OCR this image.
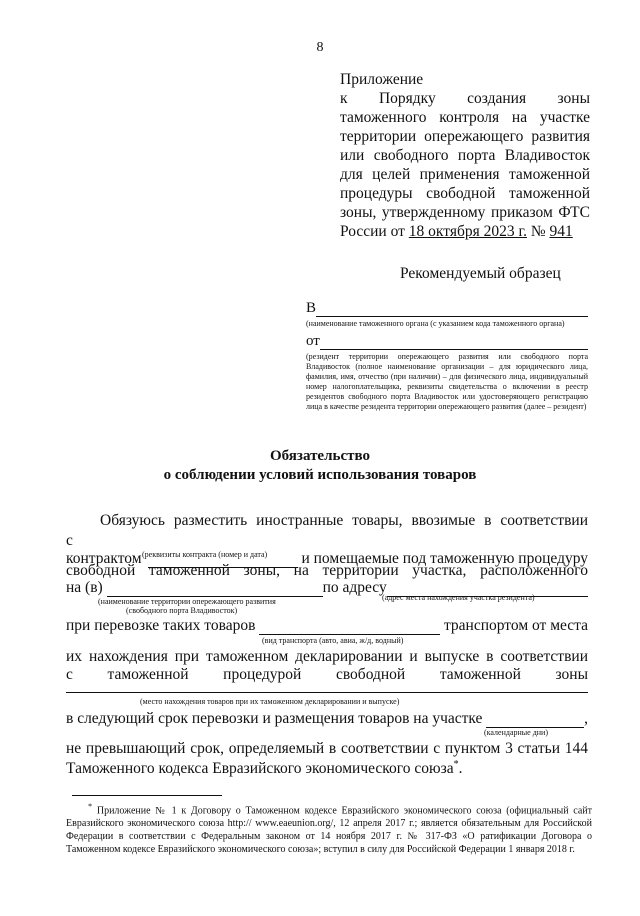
8
Приложение
к Порядку создания зоны таможенного контроля на участке территории опережающего развития или свободного порта Владивосток для целей применения таможенной процедуры свободной таможенной зоны, утвержденному приказом ФТС России от 18 октября 2023 г. № 941
Рекомендуемый образец
В
(наименование таможенного органа (с указанием кода таможенного органа)
от
(резидент территории опережающего развития или свободного порта Владивосток (полное наименование организации – для юридического лица, фамилия, имя, отчество (при наличии) – для физического лица, индивидуальный номер налогоплательщика, реквизиты свидетельства о включении в реестр резидентов свободного порта Владивосток или удостоверяющего регистрацию лица в качестве резидента территории опережающего развития (далее – резидент)
Обязательство
о соблюдении условий использования товаров
Обязуюсь разместить иностранные товары, ввозимые в соответствии
с контрактом	и помещаемые под таможенную процедуру
(реквизиты контракта (номер и дата)
свободной таможенной зоны, на территории участка, расположенного
на (в)	по адресу
(наименование территории опережающего развития	(адрес места нахождения участка резидента)
(свободного порта Владивосток)
при перевозке таких товаров	транспортом от места
(вид транспорта (авто, авиа, ж/д, водный)
их нахождения при таможенном декларировании и выпуске в соответствии
с таможенной процедурой свободной таможенной зоны
(место нахождения товаров при их таможенном декларировании и выпуске)
в следующий срок перевозки и размещения товаров на участке	,
(календарные дни)
не превышающий срок, определяемый в соответствии с пунктом 3 статьи 144
Таможенного кодекса Евразийского экономического союза*.
* Приложение № 1 к Договору о Таможенном кодексе Евразийского экономического союза (официальный сайт Евразийского экономического союза http:// www.eaeunion.org/, 12 апреля 2017 г.; является обязательным для Российской Федерации в соответствии с Федеральным законом от 14 ноября 2017 г. № 317-ФЗ «О ратификации Договора о Таможенном кодексе Евразийского экономического союза»; вступил в силу для Российской Федерации 1 января 2018 г.
